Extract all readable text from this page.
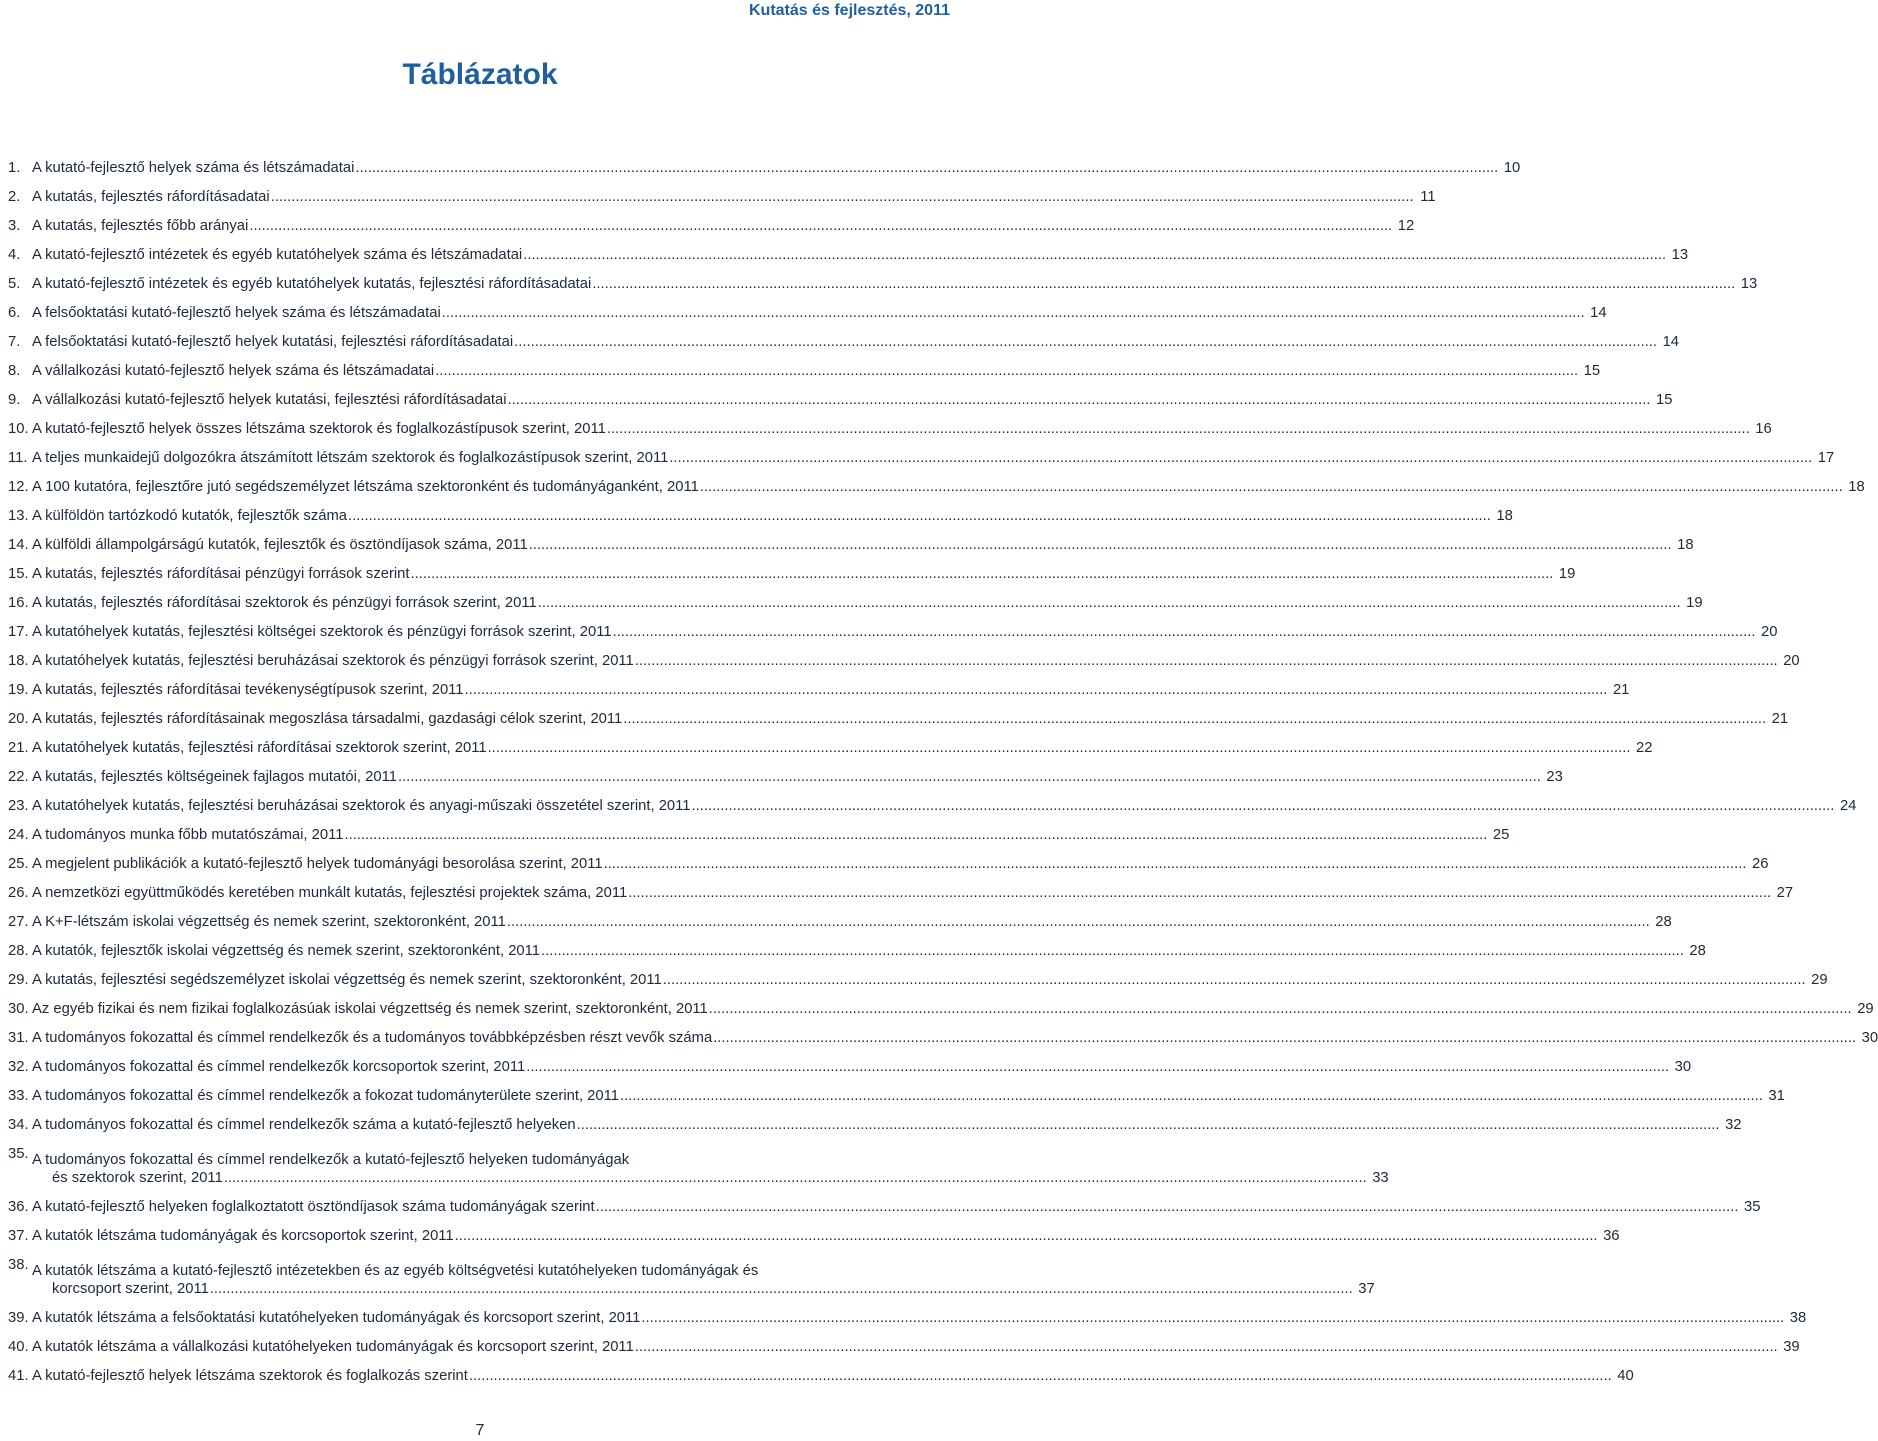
Kutatás és fejlesztés, 2011
Táblázatok
1. A kutató-fejlesztő helyek száma és létszámadatai .....	10
2. A kutatás, fejlesztés ráfordításadatai .....	11
3. A kutatás, fejlesztés főbb arányai .....	12
4. A kutató-fejlesztő intézetek és egyéb kutatóhelyek száma és létszámadatai .....	13
5. A kutató-fejlesztő intézetek és egyéb kutatóhelyek kutatás, fejlesztési ráfordításadatai .....	13
6. A felsőoktatási kutató-fejlesztő helyek száma és létszámadatai .....	14
7. A felsőoktatási kutató-fejlesztő helyek kutatási, fejlesztési ráfordításadatai .....	14
8. A vállalkozási kutató-fejlesztő helyek száma és létszámadatai .....	15
9. A vállalkozási kutató-fejlesztő helyek kutatási, fejlesztési ráfordításadatai .....	15
10. A kutató-fejlesztő helyek összes létszáma szektorok és foglalkozástípusok szerint, 2011 .....	16
11. A teljes munkaidejű dolgozókra átszámított létszám szektorok és foglalkozástípusok szerint, 2011 .....	17
12. A 100 kutatóra, fejlesztőre jutó segédszemélyzet létszáma szektoronként és tudományáganként, 2011 .....	18
13. A külföldön tartózkodó kutatók, fejlesztők száma .....	18
14. A külföldi állampolgárságú kutatók, fejlesztők és ösztöndíjasok száma, 2011 .....	18
15. A kutatás, fejlesztés ráfordításai pénzügyi források szerint .....	19
16. A kutatás, fejlesztés ráfordításai szektorok és pénzügyi források szerint, 2011 .....	19
17. A kutatóhelyek kutatás, fejlesztési költségei szektorok és pénzügyi források szerint, 2011 .....	20
18. A kutatóhelyek kutatás, fejlesztési beruházásai szektorok és pénzügyi források szerint, 2011 .....	20
19. A kutatás, fejlesztés ráfordításai tevékenységtípusok szerint, 2011 .....	21
20. A kutatás, fejlesztés ráfordításainak megoszlása társadalmi, gazdasági célok szerint, 2011 .....	21
21. A kutatóhelyek kutatás, fejlesztési ráfordításai szektorok szerint, 2011 .....	22
22. A kutatás, fejlesztés költségeinek fajlagos mutatói, 2011 .....	23
23. A kutatóhelyek kutatás, fejlesztési beruházásai szektorok és anyagi-műszaki összetétel szerint, 2011 .....	24
24. A tudományos munka főbb mutatószámai, 2011 .....	25
25. A megjelent publikációk a kutató-fejlesztő helyek tudományági besorolása szerint, 2011 .....	26
26. A nemzetközi együttműködés keretében munkált kutatás, fejlesztési projektek száma, 2011 .....	27
27. A K+F-létszám iskolai végzettség és nemek szerint, szektoronként, 2011 .....	28
28. A kutatók, fejlesztők iskolai végzettség és nemek szerint, szektoronként, 2011 .....	28
29. A kutatás, fejlesztési segédszemélyzet iskolai végzettség és nemek szerint, szektoronként, 2011 .....	29
30. Az egyéb fizikai és nem fizikai foglalkozásúak iskolai végzettség és nemek szerint, szektoronként, 2011 .....	29
31. A tudományos fokozattal és címmel rendelkezők és a tudományos továbbképzésben részt vevők száma .....	30
32. A tudományos fokozattal és címmel rendelkezők korcsoportok szerint, 2011 .....	30
33. A tudományos fokozattal és címmel rendelkezők a fokozat tudományterülete szerint, 2011 .....	31
34. A tudományos fokozattal és címmel rendelkezők száma a kutató-fejlesztő helyeken .....	32
35. A tudományos fokozattal és címmel rendelkezők a kutató-fejlesztő helyeken tudományágak
és szektorok szerint, 2011 .....	33
36. A kutató-fejlesztő helyeken foglalkoztatott ösztöndíjasok száma tudományágak szerint .....	35
37. A kutatók létszáma tudományágak és korcsoportok szerint, 2011 .....	36
38. A kutatók létszáma a kutató-fejlesztő intézetekben és az egyéb költségvetési kutatóhelyeken tudományágak és
korcsoport szerint, 2011 .....	37
39. A kutatók létszáma a felsőoktatási kutatóhelyeken tudományágak és korcsoport szerint, 2011 .....	38
40. A kutatók létszáma a vállalkozási kutatóhelyeken tudományágak és korcsoport szerint, 2011 .....	39
41. A kutató-fejlesztő helyek létszáma szektorok és foglalkozás szerint .....	40
7
